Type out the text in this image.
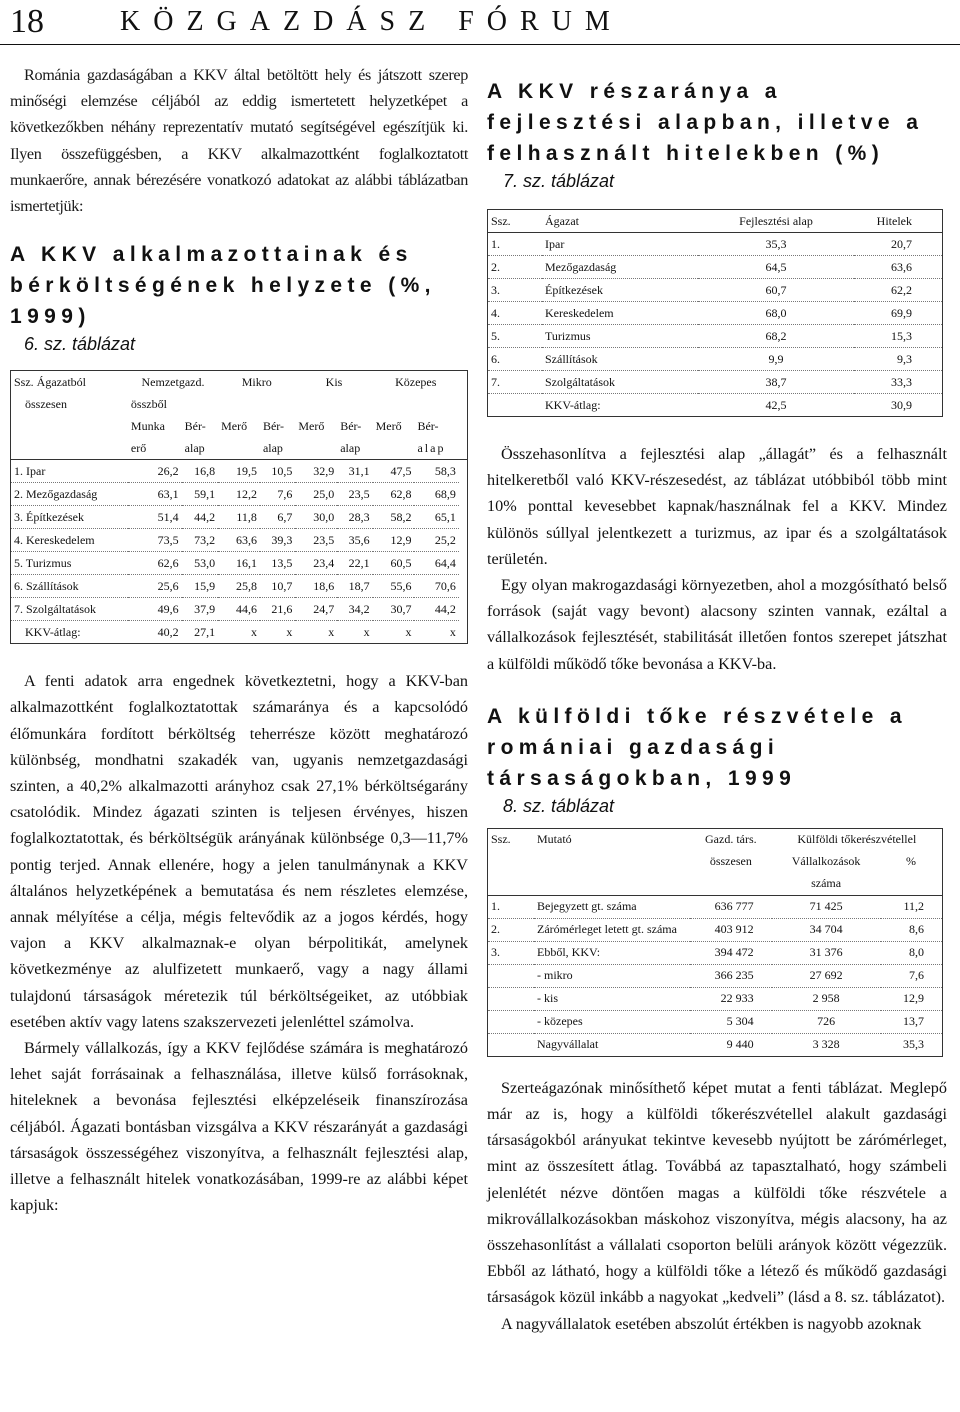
18	KÖZGAZDÁSZ FÓRUM

Románia gazdaságában a KKV által betöltött hely és játszott szerep minőségi elemzése céljából az eddig ismertetett helyzetképet a következőkben néhány reprezentatív mutató segítségével egészítjük ki. Ilyen összefüggésben, a KKV alkalmazottként foglalkoztatott munkaerőre, annak bérezésére vonatkozó adatokat az alábbi táblázatban ismertetjük:

A KKV alkalmazottainak és bérköltségének helyzete (%, 1999)
6. sz. táblázat
Ssz. Ágazatból	Nemzetgazd.		Mikro		Kis		Közepes		
összesen	összből								
	Munka	Bér-	Merő	Bér-	Merő	Bér-	Merő	Bér-	
	erő	alap		alap		alap		alap	
1. Ipar	26,2	16,8	19,5	10,5	32,9	31,1	47,5	58,3	
2. Mezőgazdaság	63,1	59,1	12,2	7,6	25,0	23,5	62,8	68,9	
3. Építkezések	51,4	44,2	11,8	6,7	30,0	28,3	58,2	65,1	
4. Kereskedelem	73,5	73,2	63,6	39,3	23,5	35,6	12,9	25,2	
5. Turizmus	62,6	53,0	16,1	13,5	23,4	22,1	60,5	64,4	
6. Szállítások	25,6	15,9	25,8	10,7	18,6	18,7	55,6	70,6	
7. Szolgáltatások	49,6	37,9	44,6	21,6	24,7	34,2	30,7	44,2	
KKV-átlag:	40,2	27,1	x	x	x	x	x	x	

A fenti adatok arra engednek következtetni, hogy a KKV-ban alkalmazottként foglalkoztatottak számaránya és a kapcsolódó élőmunkára fordított bérköltség teherrésze között meghatározó különbség, mondhatni szakadék van, ugyanis nemzetgazdasági szinten, a 40,2% alkalmazotti arányhoz csak 27,1% bérköltségarány csatolódik. Mindez ágazati szinten is teljesen érvényes, hiszen foglalkoztatottak, és bérköltségük arányának különbsége 0,3—11,7% pontig terjed. Annak ellenére, hogy a jelen tanulmánynak a KKV általános helyzetképének a bemutatása és nem részletes elemzése, annak mélyítése a célja, mégis feltevődik az a jogos kérdés, hogy vajon a KKV alkalmaznak-e olyan bérpolitikát, amelynek következménye az alulfizetett munkaerő, vagy a nagy állami tulajdonú társaságok méretezik túl bérköltségeiket, az utóbbiak esetében aktív vagy latens szakszervezeti jelenléttel számolva.

Bármely vállalkozás, így a KKV fejlődése számára is meghatározó lehet saját forrásainak a felhasználása, illetve külső forrásoknak, hiteleknek a bevonása fejlesztési elképzeléseik finanszírozása céljából. Ágazati bontásban vizsgálva a KKV részarányát a gazdasági társaságok összességéhez viszonyítva, a felhasznált fejlesztési alap, illetve a felhasznált hitelek vonatkozásában, 1999-re az alábbi képet kapjuk:

A KKV részaránya a fejlesztési alapban, illetve a felhasznált hitelekben (%)
7. sz. táblázat
Ssz.	Ágazat	Fejlesztési alap	Hitelek
1.	Ipar	35,3	20,7
2.	Mezőgazdaság	64,5	63,6
3.	Építkezések	60,7	62,2
4.	Kereskedelem	68,0	69,9
5.	Turizmus	68,2	15,3
6.	Szállítások	9,9	9,3
7.	Szolgáltatások	38,7	33,3
	KKV-átlag:	42,5	30,9

Összehasonlítva a fejlesztési alap „állagát” és a felhasznált hitelkeretből való KKV-részesedést, az táblázat utóbbiból több mint 10% ponttal kevesebbet kapnak/használnak fel a KKV. Mindez különös súllyal jelentkezett a turizmus, az ipar és a szolgáltatások területén.

Egy olyan makrogazdasági környezetben, ahol a mozgósítható belső források (saját vagy bevont) alacsony szinten vannak, ezáltal a vállalkozások fejlesztését, stabilitását illetően fontos szerepet játszhat a külföldi működő tőke bevonása a KKV-ba.

A külföldi tőke részvétele a romániai gazdasági társaságokban, 1999
8. sz. táblázat
Ssz.	Mutató	Gazd. társ.	Külföldi tőkerészvétellel	
		összesen	Vállalkozások	%
			száma	
1.	Bejegyzett gt. száma	636 777	71 425	11,2
2.	Zárómérleget letett gt. száma	403 912	34 704	8,6
3.	Ebből, KKV:	394 472	31 376	8,0
	- mikro	366 235	27 692	7,6
	- kis	22 933	2 958	12,9
	- közepes	5 304	726	13,7
	Nagyvállalat	9 440	3 328	35,3

Szerteágazónak minősíthető képet mutat a fenti táblázat. Meglepő már az is, hogy a külföldi tőkerészvétellel alakult gazdasági társaságokból arányukat tekintve kevesebb nyújtott be zárómérleget, mint az összesített átlag. Továbbá az tapasztalható, hogy számbeli jelenlétét nézve döntően magas a külföldi tőke részvétele a mikrovállalkozásokban máskohoz viszonyítva, mégis alacsony, ha az összehasonlítást a vállalati csoporton belüli arányok között végezzük. Ebből az látható, hogy a külföldi tőke a létező és működő gazdasági társaságok közül inkább a nagyokat „kedveli” (lásd a 8. sz. táblázatot).

A nagyvállalatok esetében abszolút értékben is nagyobb azoknak
